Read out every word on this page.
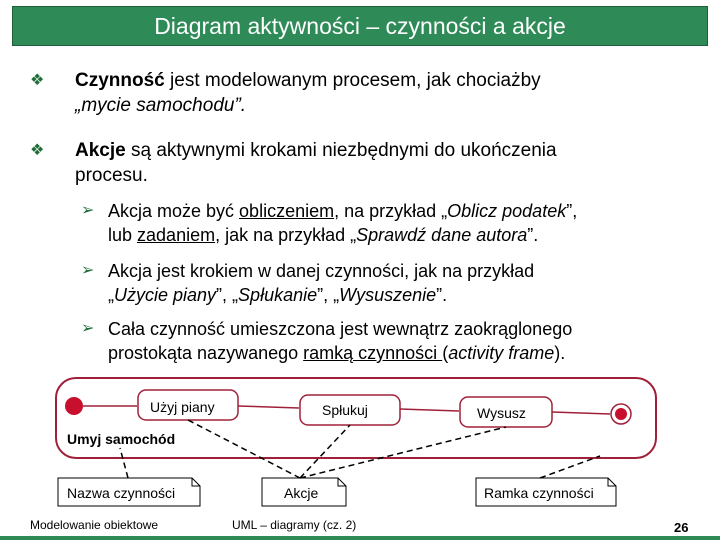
Diagram aktywności – czynności a akcje
❖ Czynność jest modelowanym procesem, jak chociażby
„mycie samochodu”.
❖ Akcje są aktywnymi krokami niezbędnymi do ukończenia
procesu.
➢ Akcja może być obliczeniem, na przykład „Oblicz podatek”,
lub zadaniem, jak na przykład „Sprawdź dane autora”.
➢ Akcja jest krokiem w danej czynności, jak na przykład
„Użycie piany”, „Spłukanie”, „Wysuszenie”.
➢ Cała czynność umieszczona jest wewnątrz zaokrąglonego
prostokąta nazywanego ramką czynności (activity frame).
Użyj piany	Spłukuj	Wysusz
Umyj samochód
Nazwa czynności	Akcje	Ramka czynności
Modelowanie obiektowe	UML – diagramy (cz. 2)	26
